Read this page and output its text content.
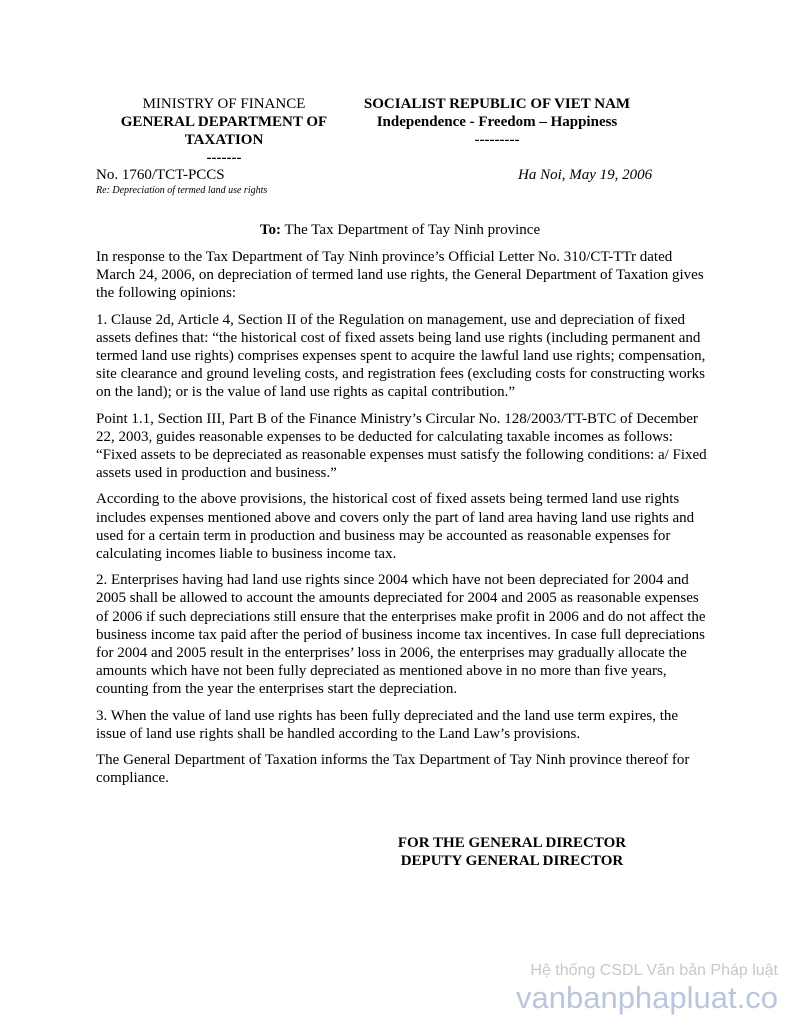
MINISTRY OF FINANCE
GENERAL DEPARTMENT OF
TAXATION
-------
SOCIALIST REPUBLIC OF VIET NAM
Independence - Freedom – Happiness
---------
No. 1760/TCT-PCCS
Re: Depreciation of termed land use rights
Ha Noi, May 19, 2006
To: The Tax Department of Tay Ninh province

In response to the Tax Department of Tay Ninh province’s Official Letter No. 310/CT-TTr dated March 24, 2006, on depreciation of termed land use rights, the General Department of Taxation gives the following opinions:

1. Clause 2d, Article 4, Section II of the Regulation on management, use and depreciation of fixed assets defines that: “the historical cost of fixed assets being land use rights (including permanent and termed land use rights) comprises expenses spent to acquire the lawful land use rights; compensation, site clearance and ground leveling costs, and registration fees (excluding costs for constructing works on the land); or is the value of land use rights as capital contribution.”

Point 1.1, Section III, Part B of the Finance Ministry’s Circular No. 128/2003/TT-BTC of December 22, 2003, guides reasonable expenses to be deducted for calculating taxable incomes as follows: “Fixed assets to be depreciated as reasonable expenses must satisfy the following conditions: a/ Fixed assets used in production and business.”

According to the above provisions, the historical cost of fixed assets being termed land use rights includes expenses mentioned above and covers only the part of land area having land use rights and used for a certain term in production and business may be accounted as reasonable expenses for calculating incomes liable to business income tax.

2. Enterprises having had land use rights since 2004 which have not been depreciated for 2004 and 2005 shall be allowed to account the amounts depreciated for 2004 and 2005 as reasonable expenses of 2006 if such depreciations still ensure that the enterprises make profit in 2006 and do not affect the business income tax paid after the period of business income tax incentives. In case full depreciations for 2004 and 2005 result in the enterprises’ loss in 2006, the enterprises may gradually allocate the amounts which have not been fully depreciated as mentioned above in no more than five years, counting from the year the enterprises start the depreciation.

3. When the value of land use rights has been fully depreciated and the land use term expires, the issue of land use rights shall be handled according to the Land Law’s provisions.

The General Department of Taxation informs the Tax Department of Tay Ninh province thereof for compliance.

FOR THE GENERAL DIRECTOR
DEPUTY GENERAL DIRECTOR
Hệ thống CSDL Văn bản Pháp luật
vanbanphapluat.co
